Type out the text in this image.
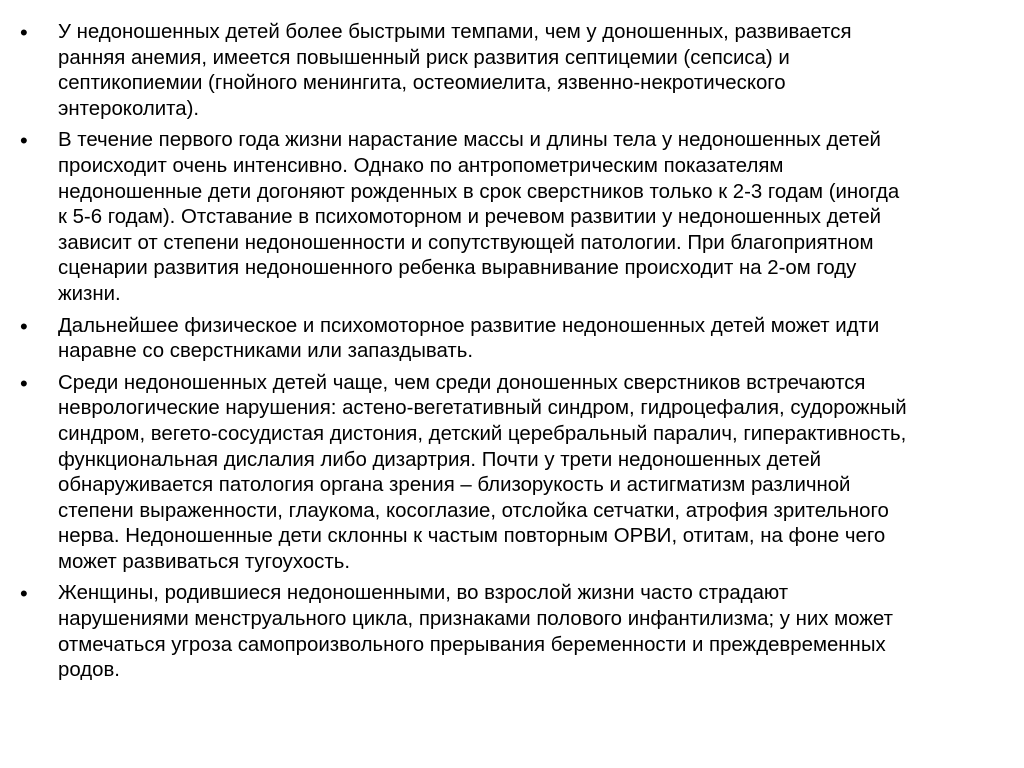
•	У недоношенных детей более быстрыми темпами, чем у доношенных, развивается
ранняя анемия, имеется повышенный риск развития септицемии (сепсиса) и
септикопиемии (гнойного менингита, остеомиелита, язвенно-некротического
энтероколита).
•	В течение первого года жизни нарастание массы и длины тела у недоношенных детей
происходит очень интенсивно. Однако по антропометрическим показателям
недоношенные дети догоняют рожденных в срок сверстников только к 2-3 годам (иногда
к 5-6 годам). Отставание в психомоторном и речевом развитии у недоношенных детей
зависит от степени недоношенности и сопутствующей патологии. При благоприятном
сценарии развития недоношенного ребенка выравнивание происходит на 2-ом году
жизни.
•	Дальнейшее физическое и психомоторное развитие недоношенных детей может идти
наравне со сверстниками или запаздывать.
•	Среди недоношенных детей чаще, чем среди доношенных сверстников встречаются
неврологические нарушения: астено-вегетативный синдром, гидроцефалия, судорожный
синдром, вегето-сосудистая дистония, детский церебральный паралич, гиперактивность,
функциональная дислалия либо дизартрия. Почти у трети недоношенных детей
обнаруживается патология органа зрения – близорукость и астигматизм различной
степени выраженности, глаукома, косоглазие, отслойка сетчатки, атрофия зрительного
нерва. Недоношенные дети склонны к частым повторным ОРВИ, отитам, на фоне чего
может развиваться тугоухость.
•	Женщины, родившиеся недоношенными, во взрослой жизни часто страдают
нарушениями менструального цикла, признаками полового инфантилизма; у них может
отмечаться угроза самопроизвольного прерывания беременности и преждевременных
родов.
